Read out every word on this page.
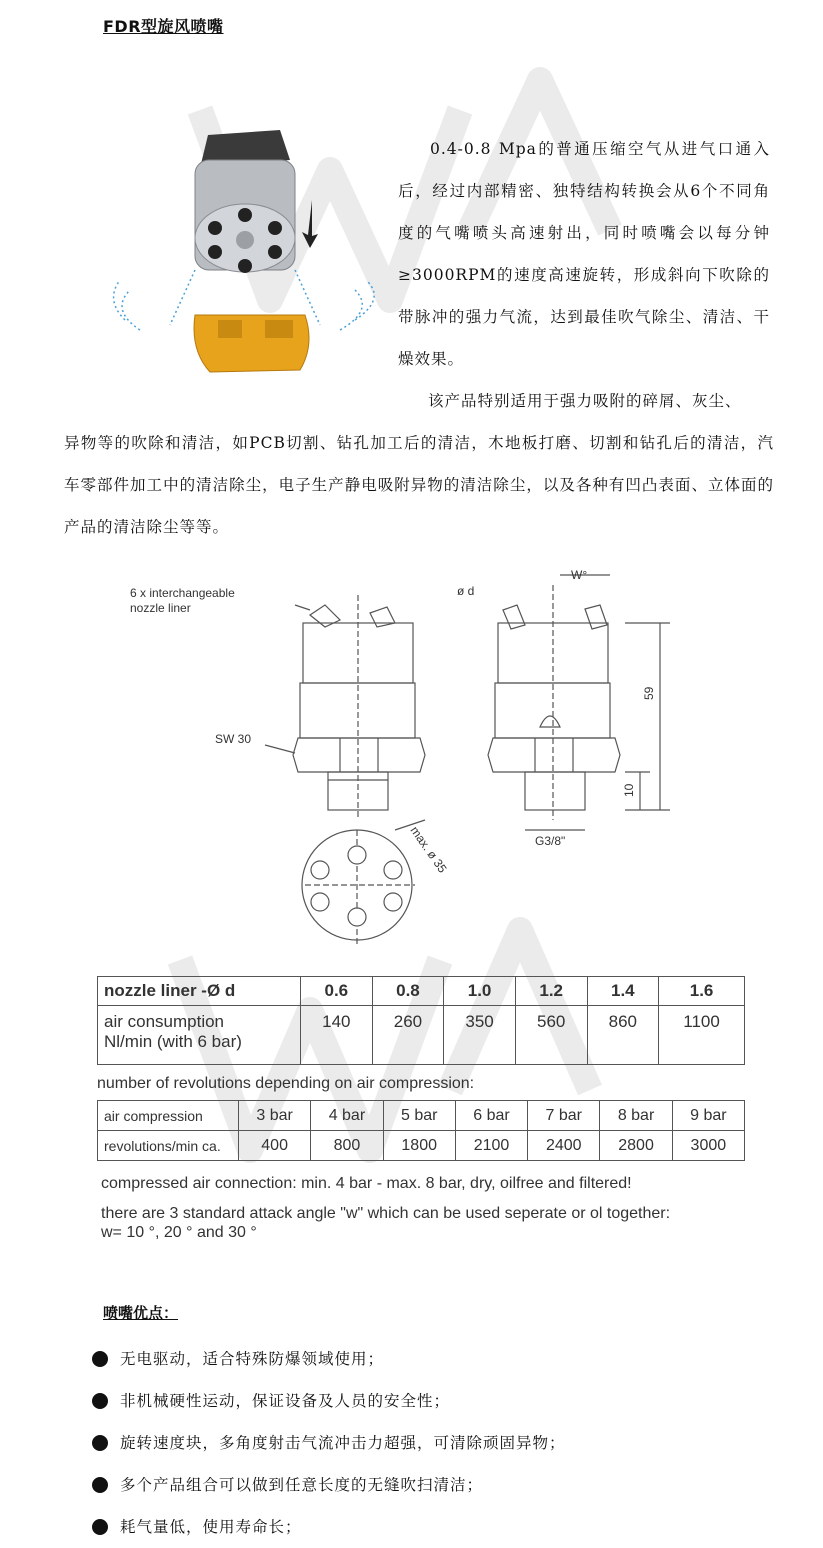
FDR型旋风喷嘴
0.4-0.8 Mpa的普通压缩空气从进气口通入后，经过内部精密、独特结构转换会从6个不同角度的气嘴喷头高速射出，同时喷嘴会以每分钟≥3000RPM的速度高速旋转，形成斜向下吹除的带脉冲的强力气流，达到最佳吹气除尘、清洁、干燥效果。
该产品特别适用于强力吸附的碎屑、灰尘、
异物等的吹除和清洁，如PCB切割、钻孔加工后的清洁，木地板打磨、切割和钻孔后的清洁，汽车零部件加工中的清洁除尘，电子生产静电吸附异物的清洁除尘，以及各种有凹凸表面、立体面的产品的清洁除尘等等。
6 x interchangeable
nozzle liner
SW 30
ø d
W°
59
10
G3/8"
max. ø 35
nozzle liner -Ø d	0.6	0.8	1.0	1.2	1.4	1.6

air consumption
Nl/min (with 6 bar)	140	260	350	560	860	1100
number of revolutions depending on air compression:
air compression	3 bar	4 bar	5 bar	6 bar	7 bar	8 bar	9 bar
revolutions/min ca.	400	800	1800	2100	2400	2800	3000
compressed air connection: min. 4 bar - max. 8 bar, dry, oilfree and filtered!
there are 3 standard attack angle "w" which can be used seperate or ol together:
w= 10 °, 20 ° and 30 °
喷嘴优点：
无电驱动，适合特殊防爆领域使用；
非机械硬性运动，保证设备及人员的安全性；
旋转速度块，多角度射击气流冲击力超强，可清除顽固异物；
多个产品组合可以做到任意长度的无缝吹扫清洁；
耗气量低，使用寿命长；
